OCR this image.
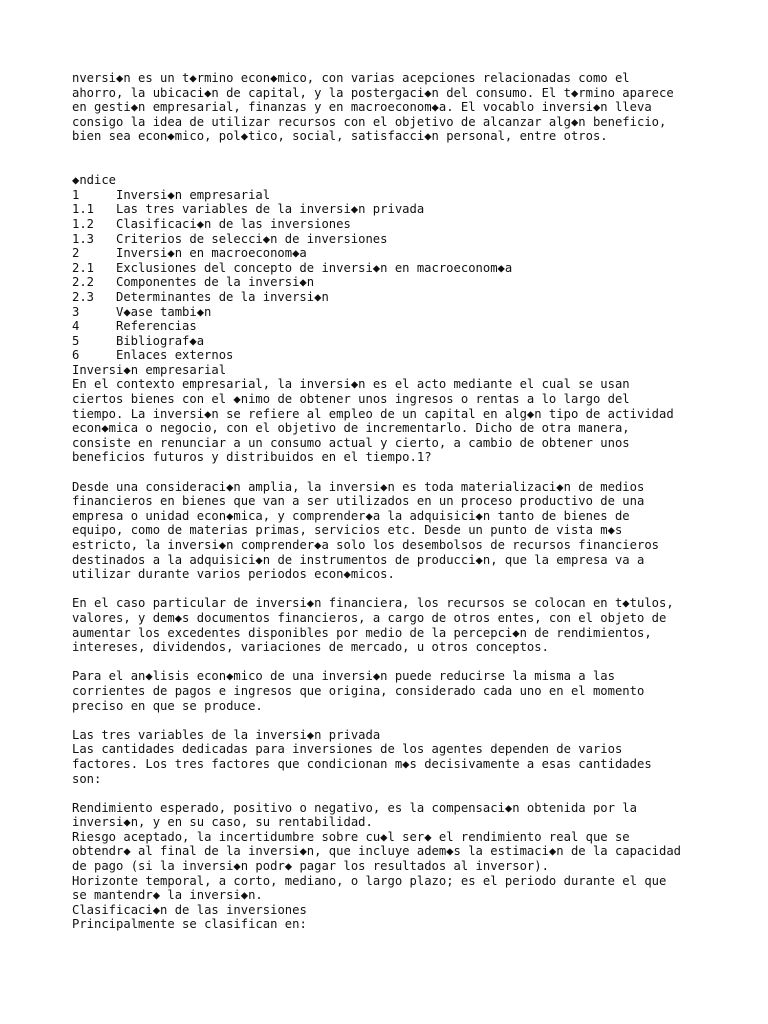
nversi◆n es un t◆rmino econ◆mico, con varias acepciones relacionadas como el
ahorro, la ubicaci◆n de capital, y la postergaci◆n del consumo. El t◆rmino aparece
en gesti◆n empresarial, finanzas y en macroeconom◆a. El vocablo inversi◆n lleva
consigo la idea de utilizar recursos con el objetivo de alcanzar alg◆n beneficio,
bien sea econ◆mico, pol◆tico, social, satisfacci◆n personal, entre otros.
◆ndice
1	Inversi◆n empresarial
1.1	Las tres variables de la inversi◆n privada
1.2	Clasificaci◆n de las inversiones
1.3	Criterios de selecci◆n de inversiones
2	Inversi◆n en macroeconom◆a
2.1	Exclusiones del concepto de inversi◆n en macroeconom◆a
2.2	Componentes de la inversi◆n
2.3	Determinantes de la inversi◆n
3	V◆ase tambi◆n
4	Referencias
5	Bibliograf◆a
6	Enlaces externos
Inversi◆n empresarial
En el contexto empresarial, la inversi◆n es el acto mediante el cual se usan
ciertos bienes con el ◆nimo de obtener unos ingresos o rentas a lo largo del
tiempo. La inversi◆n se refiere al empleo de un capital en alg◆n tipo de actividad
econ◆mica o negocio, con el objetivo de incrementarlo. Dicho de otra manera,
consiste en renunciar a un consumo actual y cierto, a cambio de obtener unos
beneficios futuros y distribuidos en el tiempo.1?
Desde una consideraci◆n amplia, la inversi◆n es toda materializaci◆n de medios
financieros en bienes que van a ser utilizados en un proceso productivo de una
empresa o unidad econ◆mica, y comprender◆a la adquisici◆n tanto de bienes de
equipo, como de materias primas, servicios etc. Desde un punto de vista m◆s
estricto, la inversi◆n comprender◆a solo los desembolsos de recursos financieros
destinados a la adquisici◆n de instrumentos de producci◆n, que la empresa va a
utilizar durante varios periodos econ◆micos.
En el caso particular de inversi◆n financiera, los recursos se colocan en t◆tulos,
valores, y dem◆s documentos financieros, a cargo de otros entes, con el objeto de
aumentar los excedentes disponibles por medio de la percepci◆n de rendimientos,
intereses, dividendos, variaciones de mercado, u otros conceptos.
Para el an◆lisis econ◆mico de una inversi◆n puede reducirse la misma a las
corrientes de pagos e ingresos que origina, considerado cada uno en el momento
preciso en que se produce.
Las tres variables de la inversi◆n privada
Las cantidades dedicadas para inversiones de los agentes dependen de varios
factores. Los tres factores que condicionan m◆s decisivamente a esas cantidades
son:
Rendimiento esperado, positivo o negativo, es la compensaci◆n obtenida por la
inversi◆n, y en su caso, su rentabilidad.
Riesgo aceptado, la incertidumbre sobre cu◆l ser◆ el rendimiento real que se
obtendr◆ al final de la inversi◆n, que incluye adem◆s la estimaci◆n de la capacidad
de pago (si la inversi◆n podr◆ pagar los resultados al inversor).
Horizonte temporal, a corto, mediano, o largo plazo; es el periodo durante el que
se mantendr◆ la inversi◆n.
Clasificaci◆n de las inversiones
Principalmente se clasifican en:
